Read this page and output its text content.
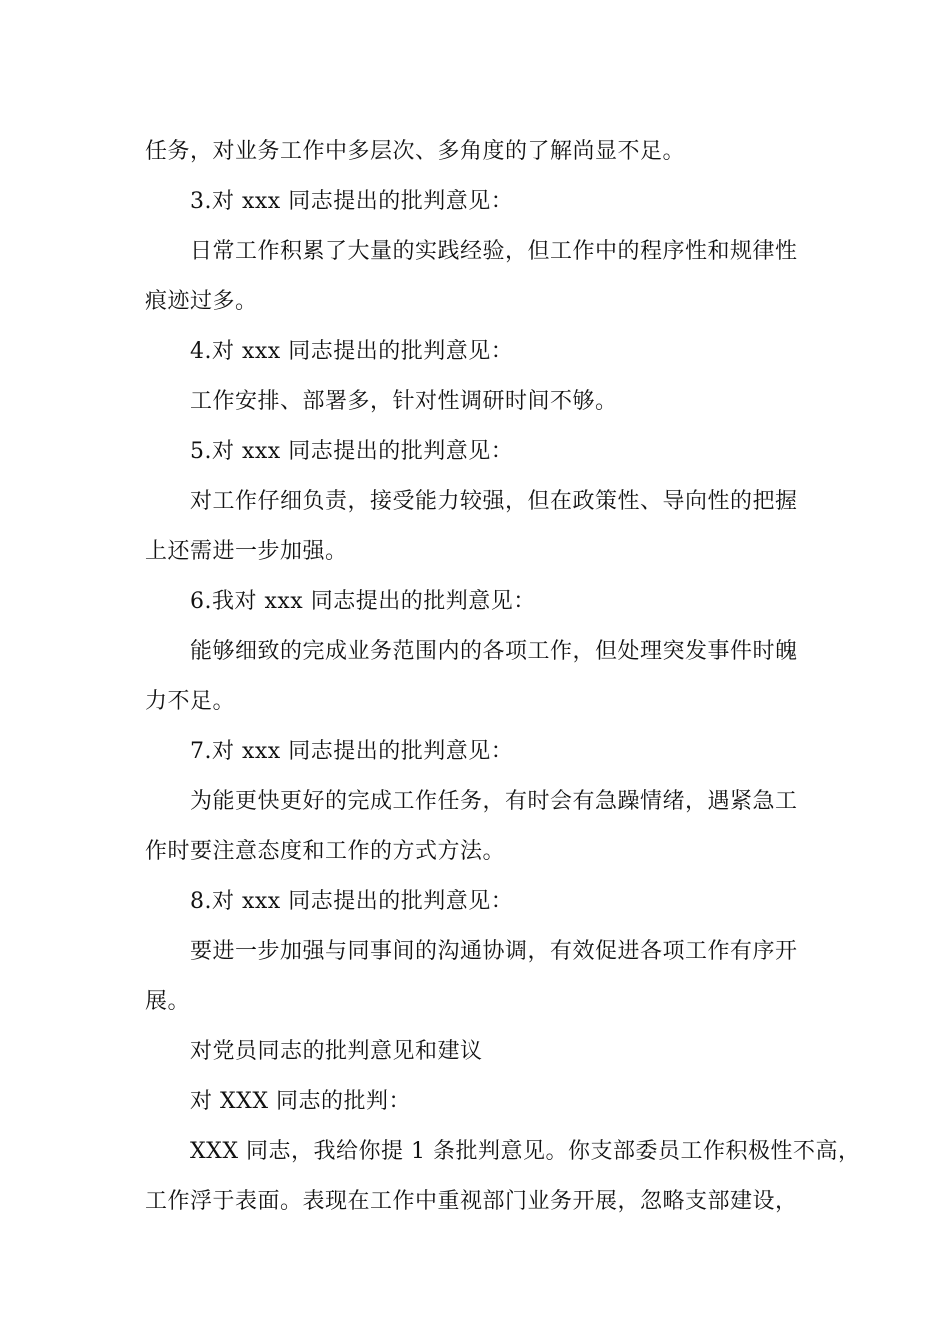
任务，对业务工作中多层次、多角度的了解尚显不足。
3.对 xxx 同志提出的批判意见：
日常工作积累了大量的实践经验，但工作中的程序性和规律性
痕迹过多。
4.对 xxx 同志提出的批判意见：
工作安排、部署多，针对性调研时间不够。
5.对 xxx 同志提出的批判意见：
对工作仔细负责，接受能力较强，但在政策性、导向性的把握
上还需进一步加强。
6.我对 xxx 同志提出的批判意见：
能够细致的完成业务范围内的各项工作，但处理突发事件时魄
力不足。
7.对 xxx 同志提出的批判意见：
为能更快更好的完成工作任务，有时会有急躁情绪，遇紧急工
作时要注意态度和工作的方式方法。
8.对 xxx 同志提出的批判意见：
要进一步加强与同事间的沟通协调，有效促进各项工作有序开
展。
对党员同志的批判意见和建议
对 XXX 同志的批判：
XXX 同志，我给你提 1 条批判意见。你支部委员工作积极性不高，
工作浮于表面。表现在工作中重视部门业务开展，忽略支部建设，
